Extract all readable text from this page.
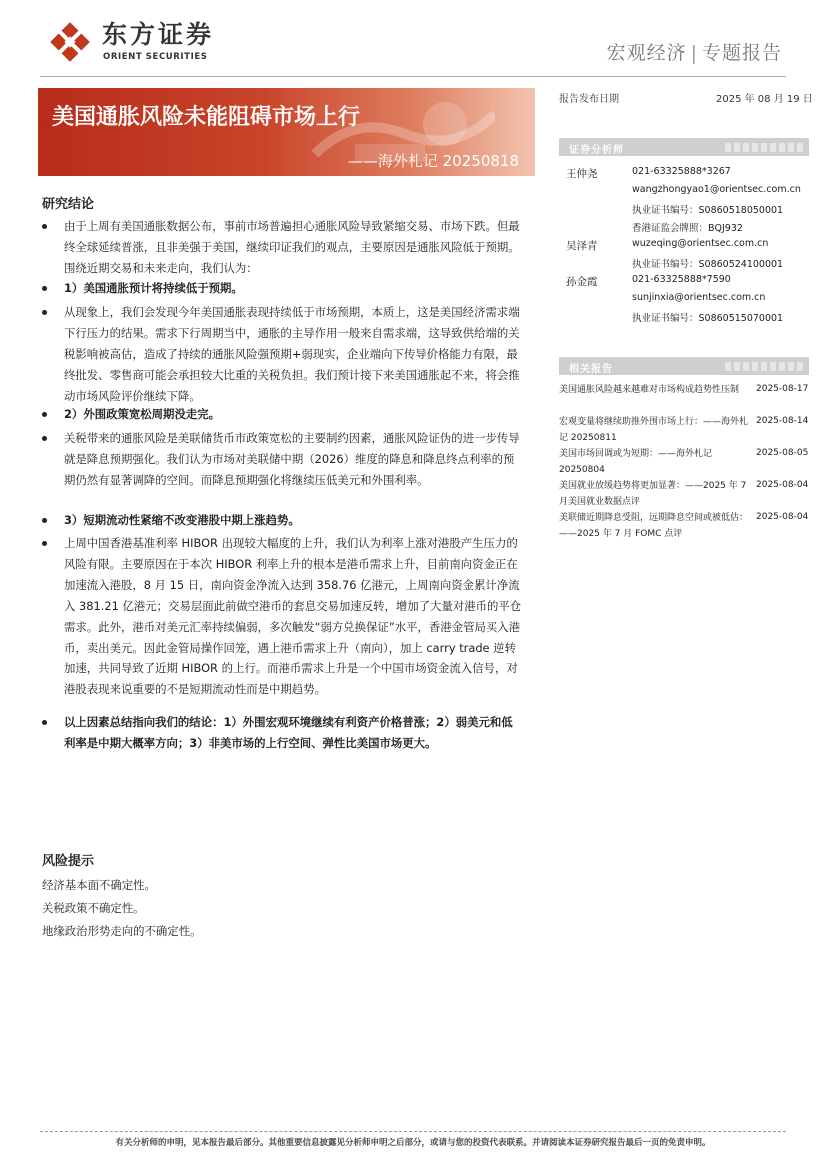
东方证券
ORIENT SECURITIES	宏观经济 | 专题报告
美国通胀风险未能阻碍市场上行
——海外札记 20250818
报告发布日期	2025 年 08 月 19 日
证券分析师
王仲尧	021-63325888*3267
wangzhongyao1@orientsec.com.cn
执业证书编号：S0860518050001
香港证监会牌照：BQJ932
吴泽青	wuzeqing@orientsec.com.cn
执业证书编号：S0860524100001
孙金霞	021-63325888*7590
sunjinxia@orientsec.com.cn
执业证书编号：S0860515070001
相关报告
美国通胀风险越来越难对市场构成趋势性压制	2025-08-17
宏观变量将继续助推外围市场上行：——海外札记 20250811
2025-08-14
美国市场回调或为短期：——海外札记 20250804
2025-08-05
美国就业放缓趋势将更加显著：——2025 年 7 月美国就业数据点评
2025-08-04
美联储近期降息受阻，远期降息空间或被低估：——2025 年 7 月 FOMC 点评
2025-08-04
研究结论
由于上周有美国通胀数据公布，事前市场普遍担心通胀风险导致紧缩交易、市场下跌。但最终全球延续普涨，且非美强于美国，继续印证我们的观点，主要原因是通胀风险低于预期。围绕近期交易和未来走向，我们认为：
1）美国通胀预计将持续低于预期。
从现象上，我们会发现今年美国通胀表现持续低于市场预期，本质上，这是美国经济需求端下行压力的结果。需求下行周期当中，通胀的主导作用一般来自需求端，这导致供给端的关税影响被高估，造成了持续的通胀风险强预期+弱现实，企业端向下传导价格能力有限，最终批发、零售商可能会承担较大比重的关税负担。我们预计接下来美国通胀起不来，将会推动市场风险评价继续下降。
2）外围政策宽松周期没走完。
关税带来的通胀风险是美联储货币市政策宽松的主要制约因素，通胀风险证伪的进一步传导就是降息预期强化。我们认为市场对美联储中期（2026）维度的降息和降息终点利率的预期仍然有显著调降的空间。而降息预期强化将继续压低美元和外围利率。
3）短期流动性紧缩不改变港股中期上涨趋势。
上周中国香港基准利率 HIBOR 出现较大幅度的上升，我们认为利率上涨对港股产生压力的风险有限。主要原因在于本次 HIBOR 利率上升的根本是港币需求上升，目前南向资金正在加速流入港股，8 月 15 日，南向资金净流入达到 358.76 亿港元，上周南向资金累计净流入 381.21 亿港元；交易层面此前做空港币的套息交易加速反转，增加了大量对港币的平仓需求。此外，港币对美元汇率持续偏弱，多次触发“弱方兑换保证”水平，香港金管局买入港币，卖出美元。因此金管局操作回笼，遇上港币需求上升（南向），加上 carry trade 逆转加速，共同导致了近期 HIBOR 的上行。而港币需求上升是一个中国市场资金流入信号，对港股表现来说重要的不是短期流动性而是中期趋势。
以上因素总结指向我们的结论：1）外围宏观环境继续有利资产价格普涨；2）弱美元和低利率是中期大概率方向；3）非美市场的上行空间、弹性比美国市场更大。
风险提示
经济基本面不确定性。
关税政策不确定性。
地缘政治形势走向的不确定性。
有关分析师的申明，见本报告最后部分。其他重要信息披露见分析师申明之后部分，或请与您的投资代表联系。并请阅读本证券研究报告最后一页的免责申明。
